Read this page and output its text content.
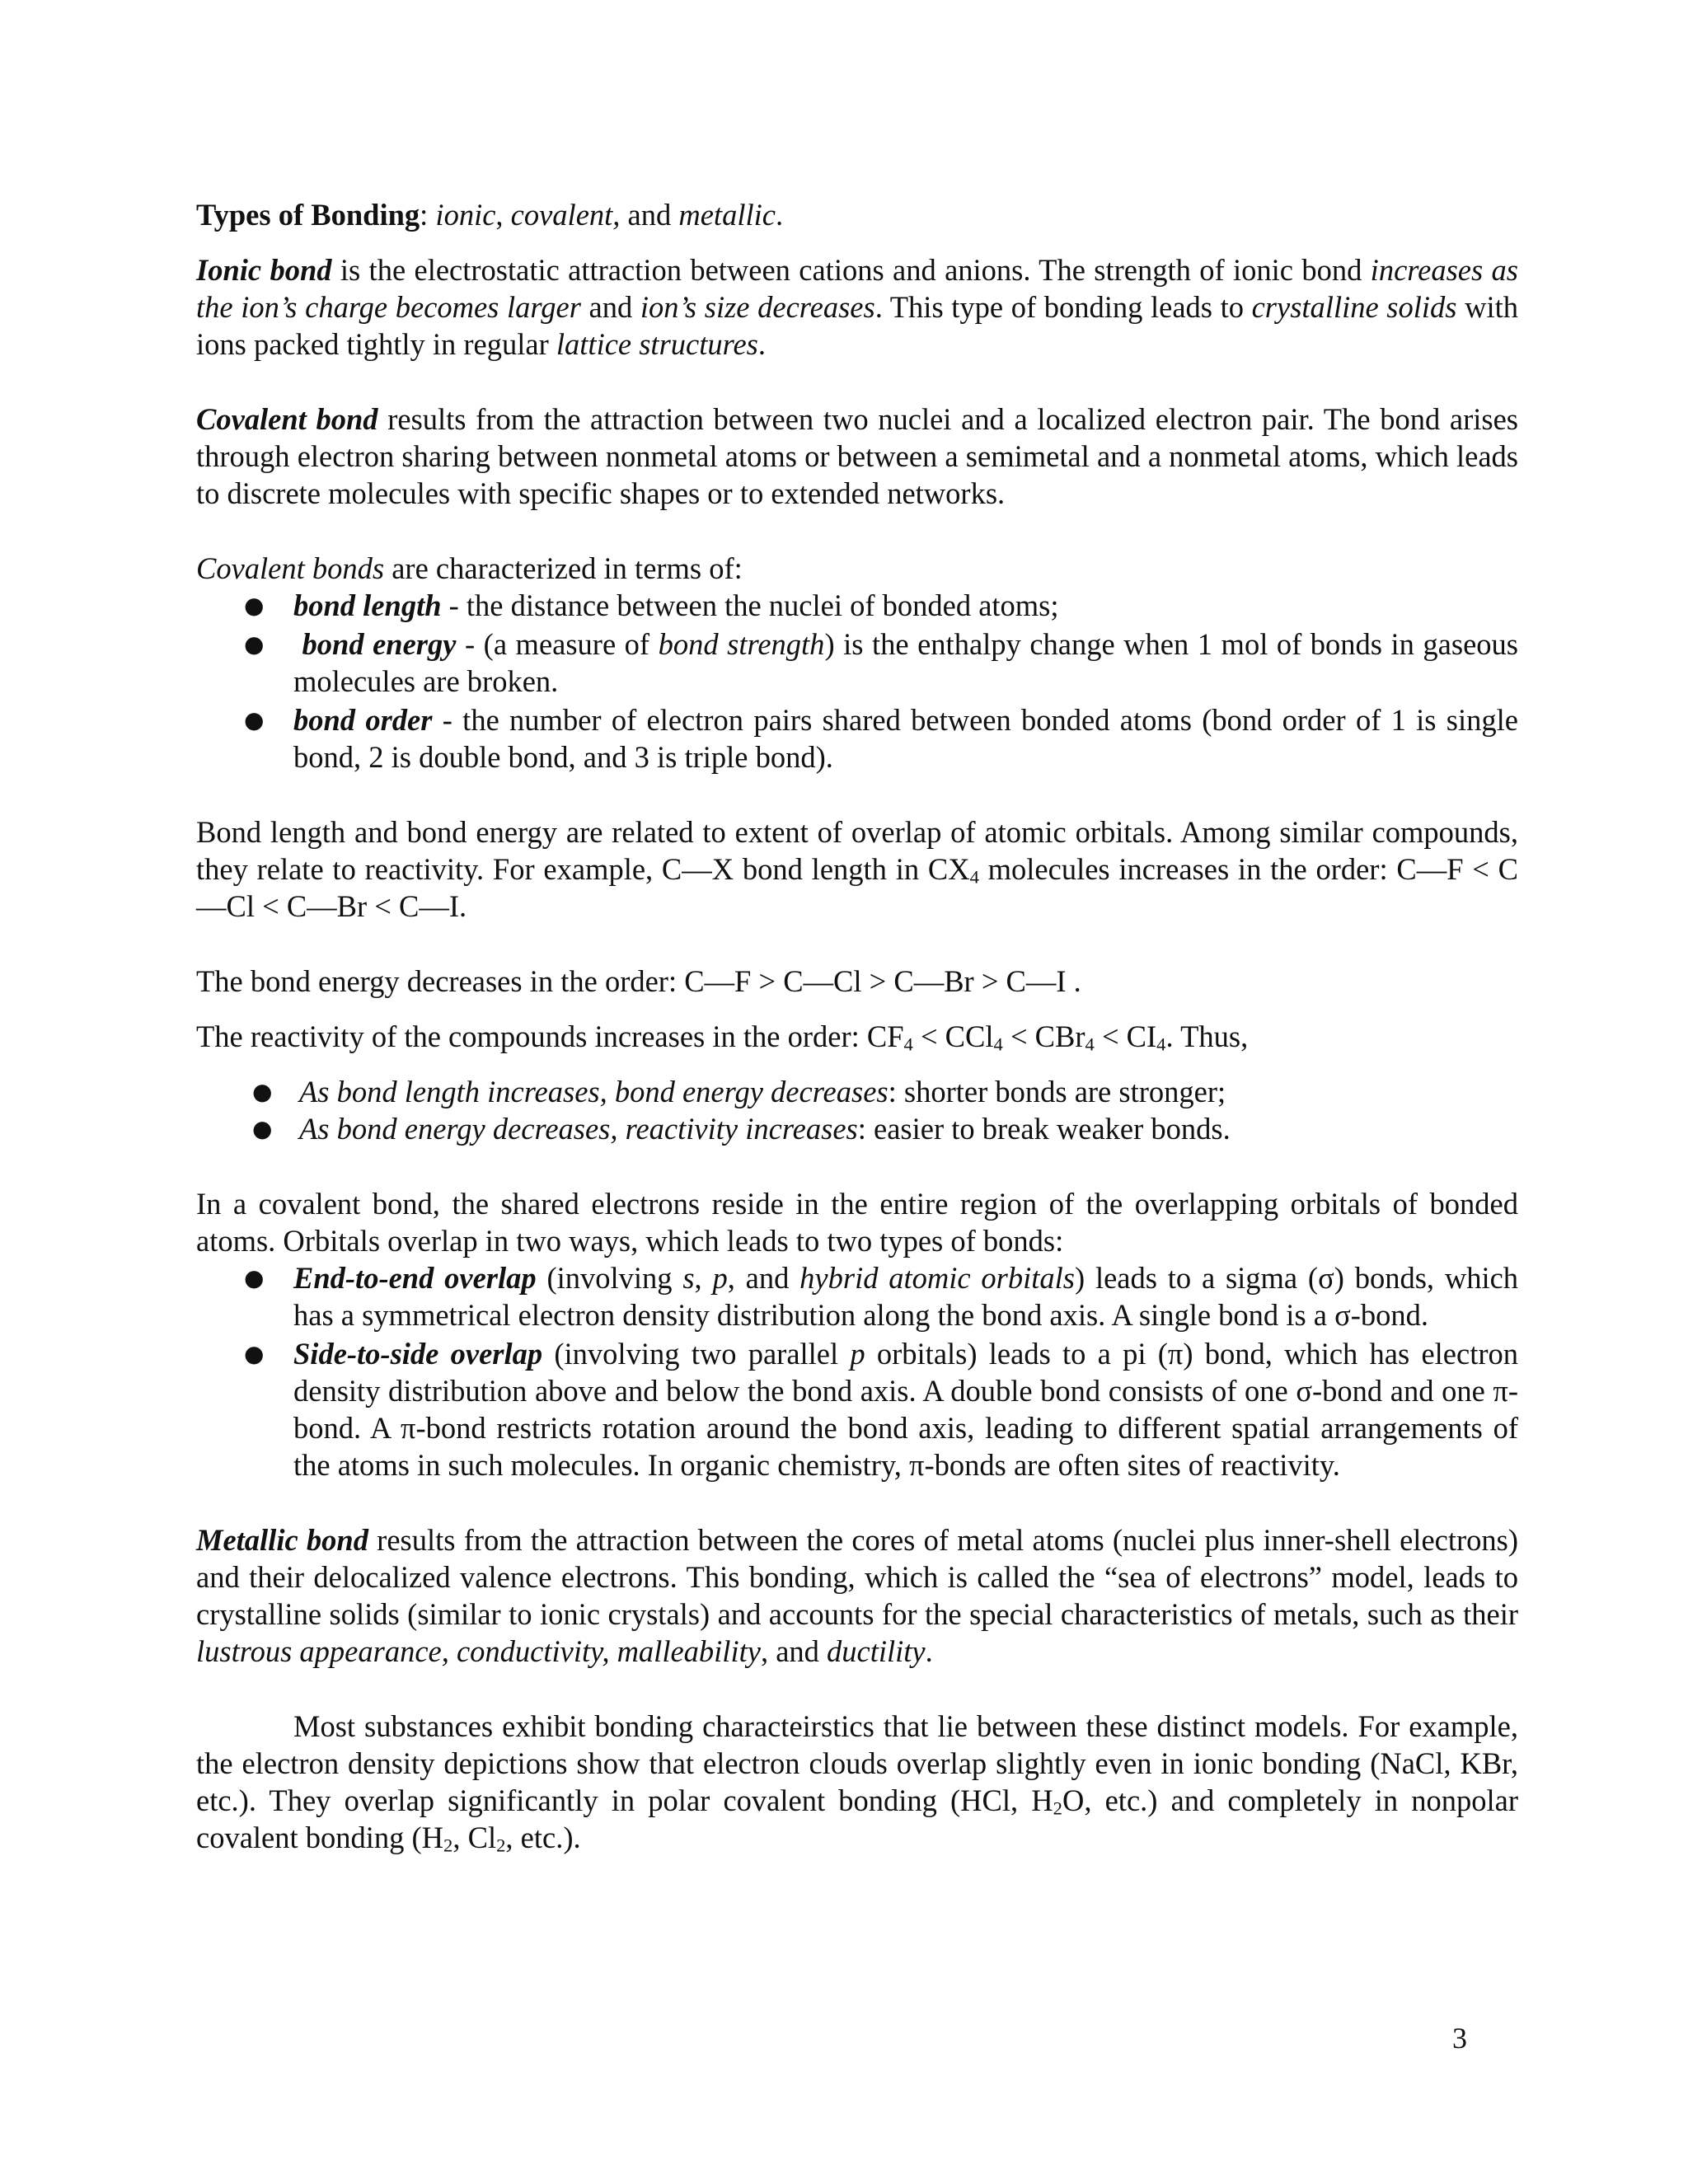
Types of Bonding: ionic, covalent, and metallic.

Ionic bond is the electrostatic attraction between cations and anions. The strength of ionic bond increases as the ion’s charge becomes larger and ion’s size decreases. This type of bonding leads to crystalline solids with ions packed tightly in regular lattice structures.

Covalent bond results from the attraction between two nuclei and a localized electron pair. The bond arises through electron sharing between nonmetal atoms or between a semimetal and a nonmetal atoms, which leads to discrete molecules with specific shapes or to extended networks.

Covalent bonds are characterized in terms of:

● bond length - the distance between the nuclei of bonded atoms;
● bond energy - (a measure of bond strength) is the enthalpy change when 1 mol of bonds in gaseous molecules are broken.
● bond order - the number of electron pairs shared between bonded atoms (bond order of 1 is single bond, 2 is double bond, and 3 is triple bond).

Bond length and bond energy are related to extent of overlap of atomic orbitals. Among similar compounds, they relate to reactivity. For example, C—X bond length in $CX_4$ molecules increases in the order: C—F < C—Cl < C—Br < C—I.

The bond energy decreases in the order: C—F > C—Cl > C—Br > C—I .

The reactivity of the compounds increases in the order: $CF_4 < CCl_4 < CBr_4 < CI_4$. Thus,

● As bond length increases, bond energy decreases: shorter bonds are stronger;
● As bond energy decreases, reactivity increases: easier to break weaker bonds.

In a covalent bond, the shared electrons reside in the entire region of the overlapping orbitals of bonded atoms. Orbitals overlap in two ways, which leads to two types of bonds:

● End-to-end overlap (involving s, p, and hybrid atomic orbitals) leads to a sigma (σ) bonds, which has a symmetrical electron density distribution along the bond axis. A single bond is a σ-bond.
● Side-to-side overlap (involving two parallel p orbitals) leads to a pi (π) bond, which has electron density distribution above and below the bond axis. A double bond consists of one σ-bond and one π-bond. A π-bond restricts rotation around the bond axis, leading to different spatial arrangements of the atoms in such molecules. In organic chemistry, π-bonds are often sites of reactivity.

Metallic bond results from the attraction between the cores of metal atoms (nuclei plus inner-shell electrons) and their delocalized valence electrons. This bonding, which is called the “sea of electrons” model, leads to crystalline solids (similar to ionic crystals) and accounts for the special characteristics of metals, such as their lustrous appearance, conductivity, malleability, and ductility.

Most substances exhibit bonding charactеirstics that lie between these distinct models. For example, the electron density depictions show that electron clouds overlap slightly even in ionic bonding (NaCl, KBr, etc.). They overlap significantly in polar covalent bonding (HCl, $H_2O$, etc.) and completely in nonpolar covalent bonding ($H_2$, $Cl_2$, etc.).

3
